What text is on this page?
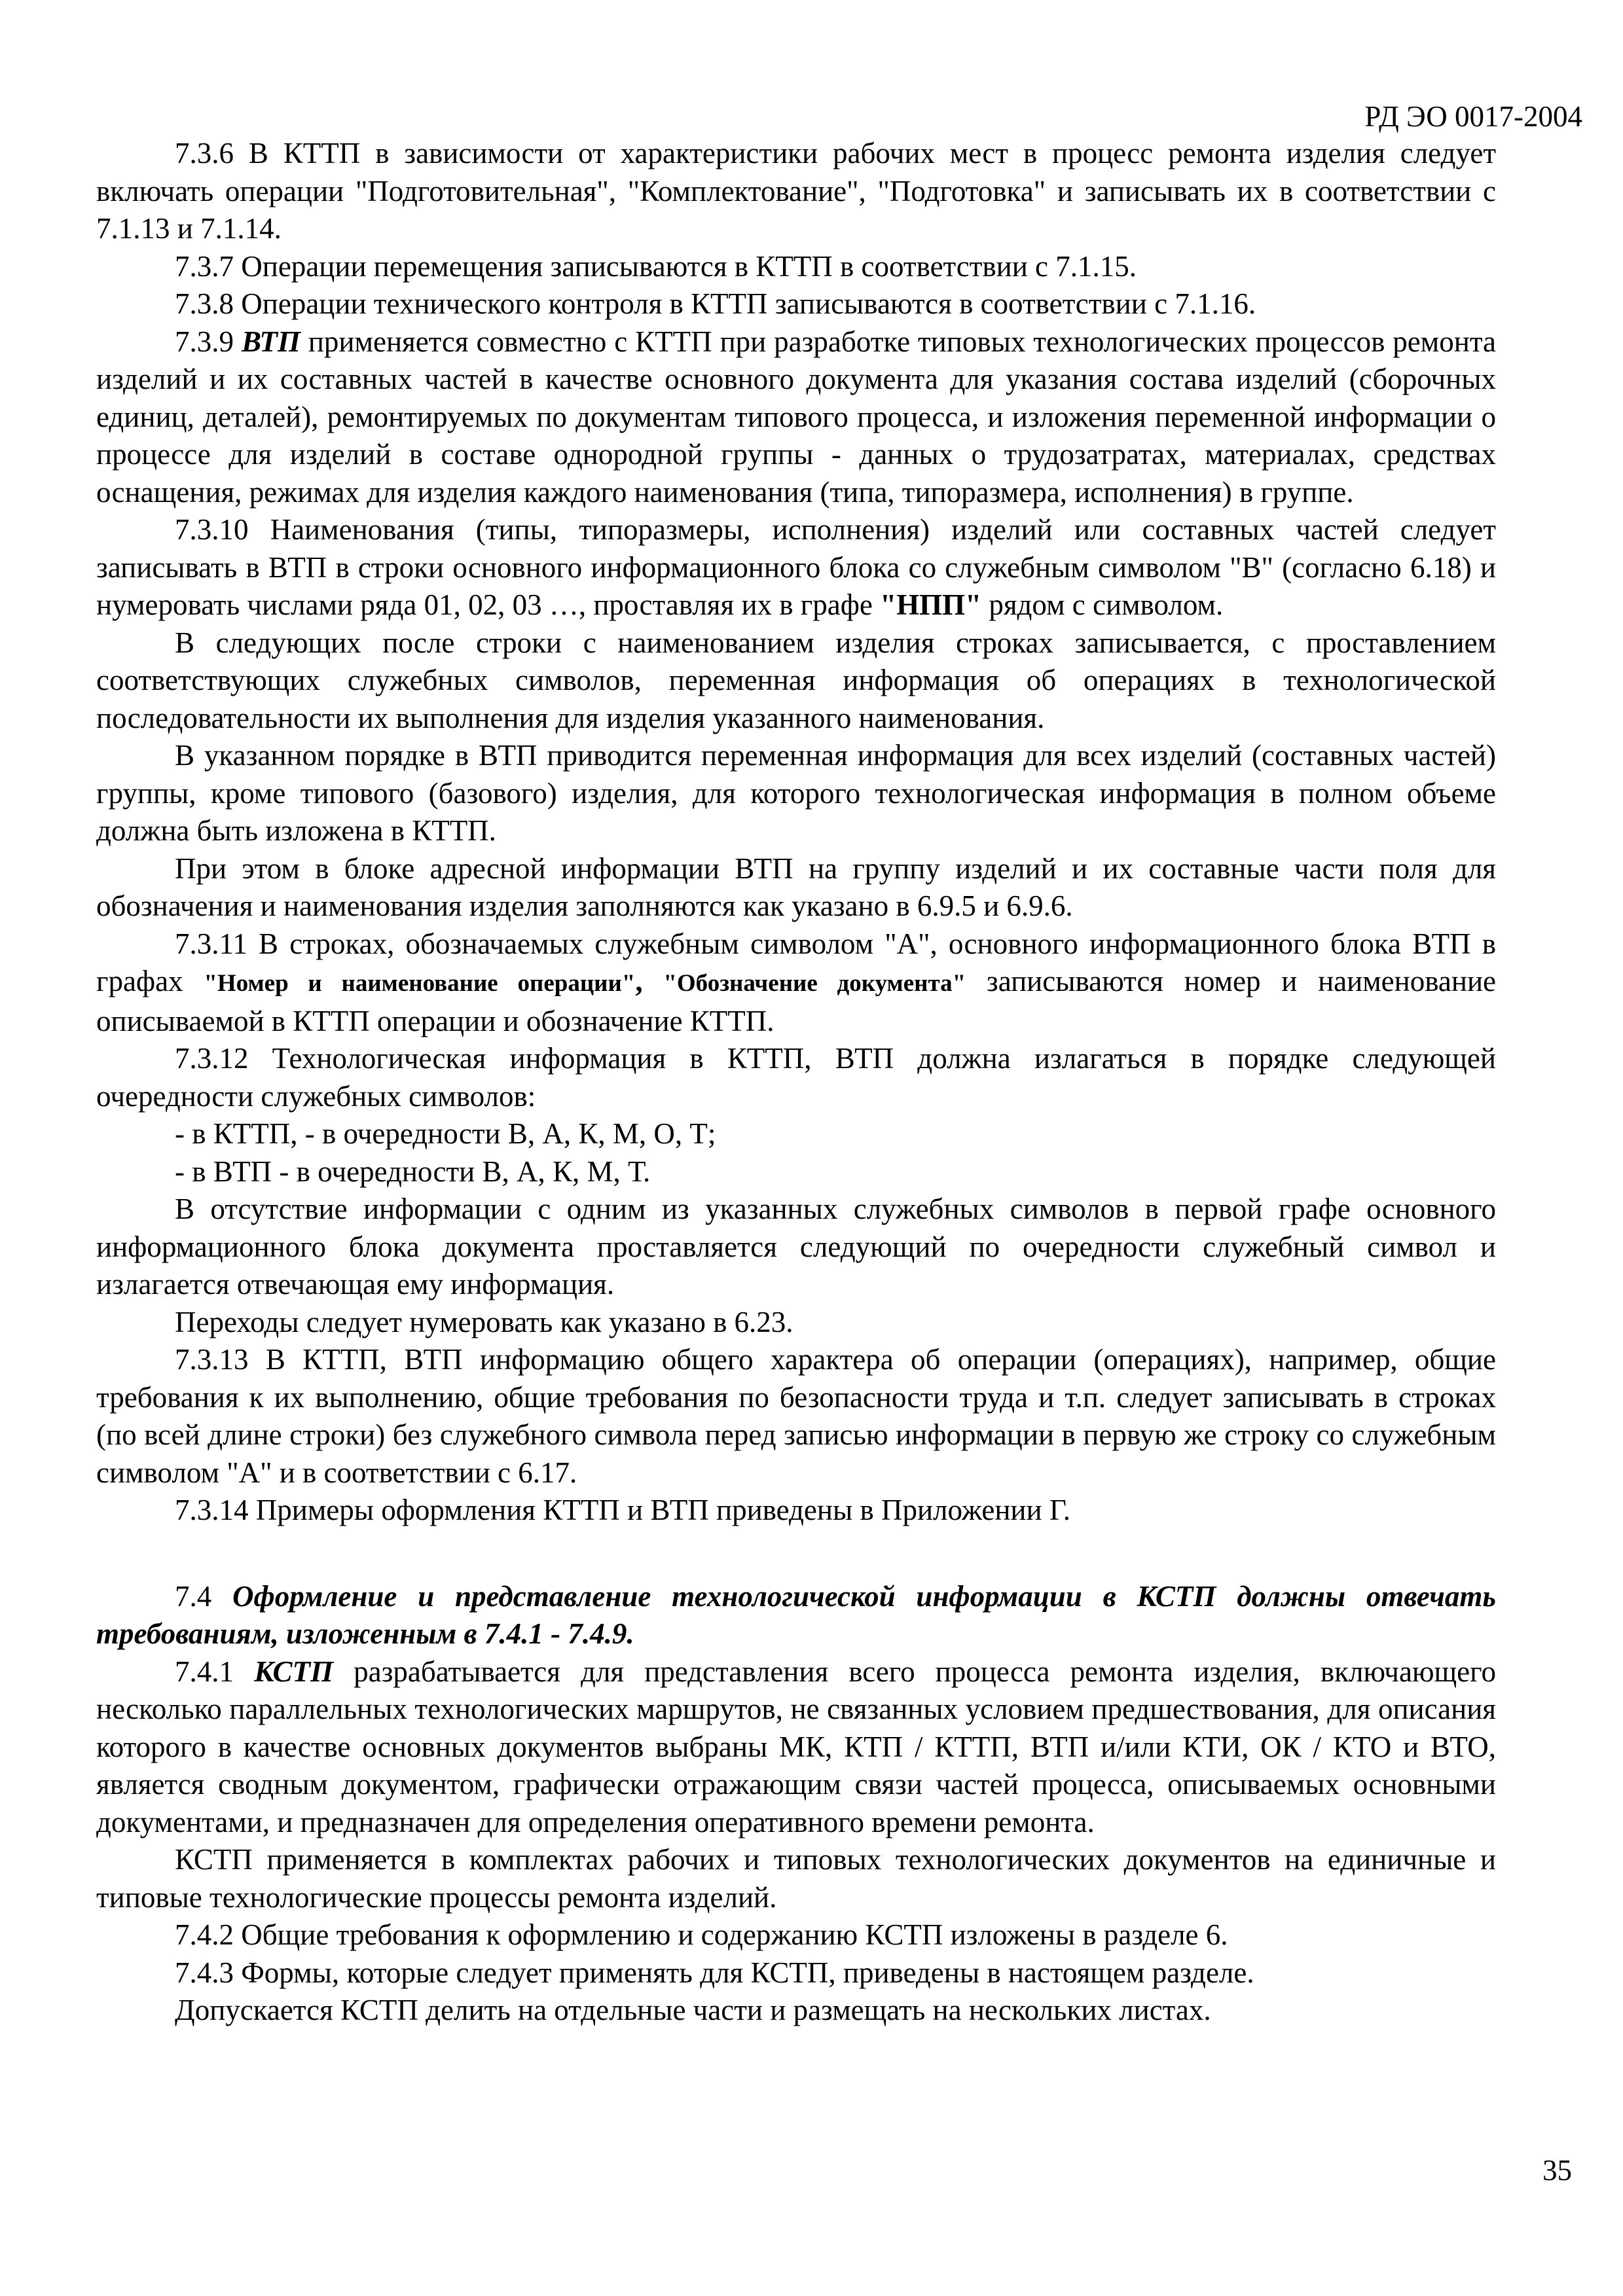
РД ЭО 0017-2004

7.3.6 В КТТП в зависимости от характеристики рабочих мест в процесс ремонта изделия следует включать операции "Подготовительная", "Комплектование", "Подготовка" и записывать их в соответствии с 7.1.13 и 7.1.14.

7.3.7 Операции перемещения записываются в КТТП в соответствии с 7.1.15.

7.3.8 Операции технического контроля в КТТП записываются в соответствии с 7.1.16.

7.3.9 ВТП применяется совместно с КТТП при разработке типовых технологических процессов ремонта изделий и их составных частей в качестве основного документа для указания состава изделий (сборочных единиц, деталей), ремонтируемых по документам типового процесса, и изложения переменной информации о процессе для изделий в составе однородной группы - данных о трудозатратах, материалах, средствах оснащения, режимах для изделия каждого наименования (типа, типоразмера, исполнения) в группе.

7.3.10 Наименования (типы, типоразмеры, исполнения) изделий или составных частей следует записывать в ВТП в строки основного информационного блока со служебным символом "В" (согласно 6.18) и нумеровать числами ряда 01, 02, 03 …, проставляя их в графе "НПП" рядом с символом.

В следующих после строки с наименованием изделия строках записывается, с проставлением соответствующих служебных символов, переменная информация об операциях в технологической последовательности их выполнения для изделия указанного наименования.

В указанном порядке в ВТП приводится переменная информация для всех изделий (составных частей) группы, кроме типового (базового) изделия, для которого технологическая информация в полном объеме должна быть изложена в КТТП.

При этом в блоке адресной информации ВТП на группу изделий и их составные части поля для обозначения и наименования изделия заполняются как указано в 6.9.5 и 6.9.6.

7.3.11 В строках, обозначаемых служебным символом "А", основного информационного блока ВТП в графах "Номер и наименование операции", "Обозначение документа" записываются номер и наименование описываемой в КТТП операции и обозначение КТТП.

7.3.12 Технологическая информация в КТТП, ВТП должна излагаться в порядке следующей очередности служебных символов:

- в КТТП, - в очередности В, А, К, М, О, Т;

- в ВТП - в очередности В, А, К, М, Т.

В отсутствие информации с одним из указанных служебных символов в первой графе основного информационного блока документа проставляется следующий по очередности служебный символ и излагается отвечающая ему информация.

Переходы следует нумеровать как указано в 6.23.

7.3.13 В КТТП, ВТП информацию общего характера об операции (операциях), например, общие требования к их выполнению, общие требования по безопасности труда и т.п. следует записывать в строках (по всей длине строки) без служебного символа перед записью информации в первую же строку со служебным символом "А" и в соответствии с 6.17.

7.3.14 Примеры оформления КТТП и ВТП приведены в Приложении Г.

7.4 Оформление и представление технологической информации в КСТП должны отвечать требованиям, изложенным в 7.4.1 - 7.4.9.

7.4.1 КСТП разрабатывается для представления всего процесса ремонта изделия, включающего несколько параллельных технологических маршрутов, не связанных условием предшествования, для описания которого в качестве основных документов выбраны МК, КТП / КТТП, ВТП и/или КТИ, ОК / КТО и ВТО, является сводным документом, графически отражающим связи частей процесса, описываемых основными документами, и предназначен для определения оперативного времени ремонта.

КСТП применяется в комплектах рабочих и типовых технологических документов на единичные и типовые технологические процессы ремонта изделий.

7.4.2 Общие требования к оформлению и содержанию КСТП изложены в разделе 6.

7.4.3 Формы, которые следует применять для КСТП, приведены в настоящем разделе.

Допускается КСТП делить на отдельные части и размещать на нескольких листах.

35
